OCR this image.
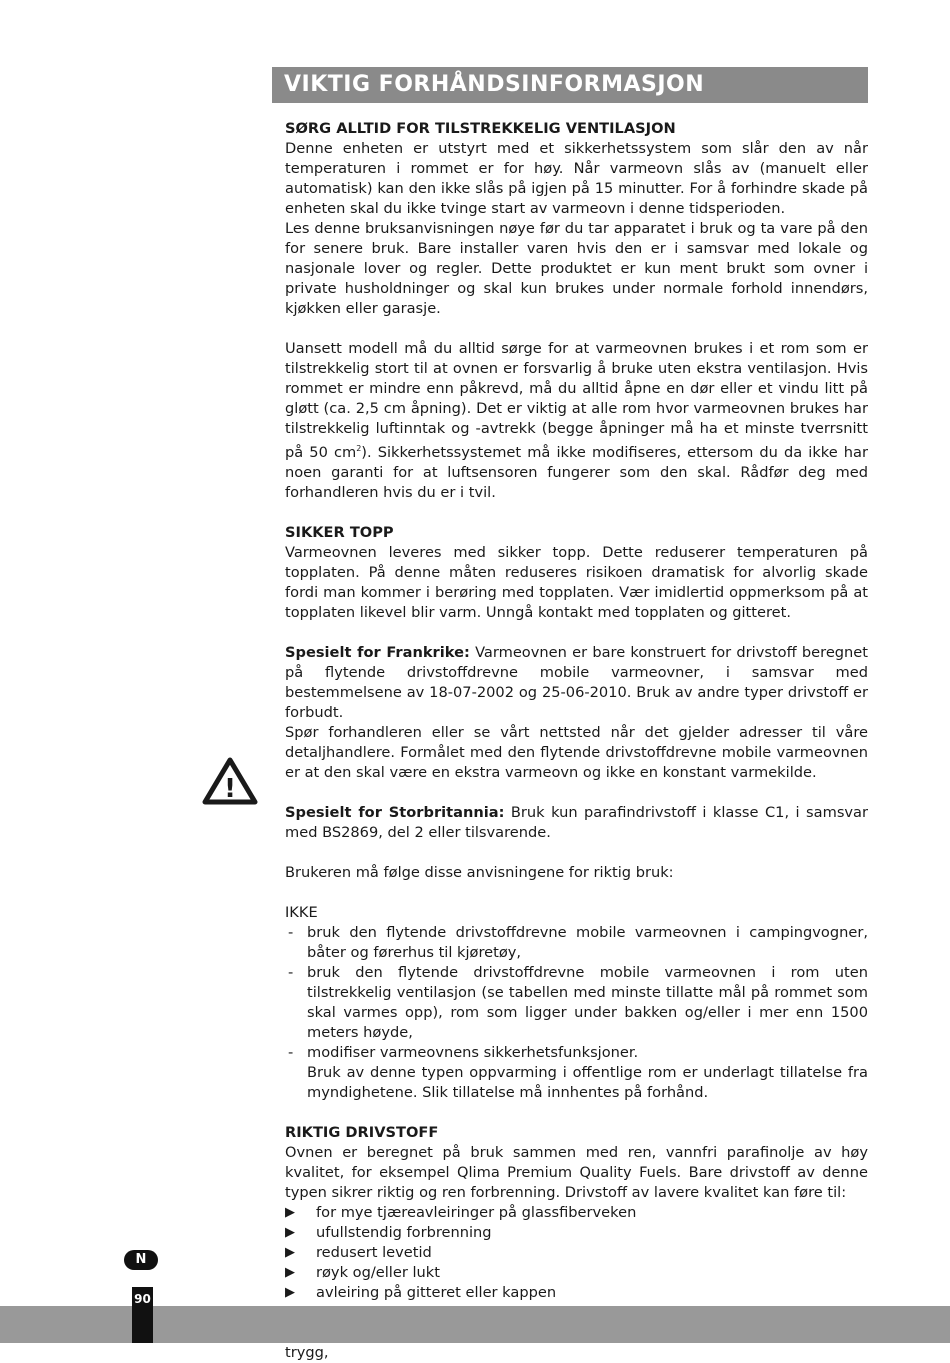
VIKTIG FORHÅNDSINFORMASJON
SØRG ALLTID FOR TILSTREKKELIG VENTILASJON

Denne enheten er utstyrt med et sikkerhetssystem som slår den av når temperaturen i rommet er for høy. Når varmeovn slås av (manuelt eller automatisk) kan den ikke slås på igjen på 15 minutter. For å forhindre skade på enheten skal du ikke tvinge start av varmeovn i denne tidsperioden.

Les denne bruksanvisningen nøye før du tar apparatet i bruk og ta vare på den for senere bruk. Bare installer varen hvis den er i samsvar med lokale og nasjonale lover og regler. Dette produktet er kun ment brukt som ovner i private husholdninger og skal kun brukes under normale forhold innendørs, kjøkken eller garasje.

Uansett modell må du alltid sørge for at varmeovnen brukes i et rom som er tilstrekkelig stort til at ovnen er forsvarlig å bruke uten ekstra ventilasjon. Hvis rommet er mindre enn påkrevd, må du alltid åpne en dør eller et vindu litt på gløtt (ca. 2,5 cm åpning). Det er viktig at alle rom hvor varmeovnen brukes har tilstrekkelig luftinntak og -avtrekk (begge åpninger må ha et minste tverrsnitt på 50 $cm^2$). Sikkerhetssystemet må ikke modifiseres, ettersom du da ikke har noen garanti for at luftsensoren fungerer som den skal. Rådfør deg med forhandleren hvis du er i tvil.

SIKKER TOPP

Varmeovnen leveres med sikker topp. Dette reduserer temperaturen på topplaten. På denne måten reduseres risikoen dramatisk for alvorlig skade fordi man kommer i berøring med topplaten. Vær imidlertid oppmerksom på at topplaten likevel blir varm. Unngå kontakt med topplaten og gitteret.

Spesielt for Frankrike: Varmeovnen er bare konstruert for drivstoff beregnet på flytende drivstoffdrevne mobile varmeovner, i samsvar med bestemmelsene av 18-07-2002 og 25-06-2010. Bruk av andre typer drivstoff er forbudt.

Spør forhandleren eller se vårt nettsted når det gjelder adresser til våre detaljhandlere. Formålet med den flytende drivstoffdrevne mobile varmeovnen er at den skal være en ekstra varmeovn og ikke en konstant varmekilde.

Spesielt for Storbritannia: Bruk kun parafindrivstoff i klasse C1, i samsvar med BS2869, del 2 eller tilsvarende.

Brukeren må følge disse anvisningene for riktig bruk:

IKKE

- bruk den flytende drivstoffdrevne mobile varmeovnen i campingvogner, båter og førerhus til kjøretøy,
- bruk den flytende drivstoffdrevne mobile varmeovnen i rom uten tilstrekkelig ventilasjon (se tabellen med minste tillatte mål på rommet som skal varmes opp), rom som ligger under bakken og/eller i mer enn 1500 meters høyde,
- modifiser varmeovnens sikkerhetsfunksjoner.
Bruk av denne typen oppvarming i offentlige rom er underlagt tillatelse fra myndighetene. Slik tillatelse må innhentes på forhånd.
RIKTIG DRIVSTOFF

Ovnen er beregnet på bruk sammen med ren, vannfri parafinolje av høy kvalitet, for eksempel Qlima Premium Quality Fuels. Bare drivstoff av denne typen sikrer riktig og ren forbrenning. Drivstoff av lavere kvalitet kan føre til:

▶ for mye tjæreavleiringer på glassfiberveken
▶ ufullstendig forbrenning
▶ redusert levetid
▶ røyk og/eller lukt
▶ avleiring på gitteret eller kappen

trygg,

!
N
90
